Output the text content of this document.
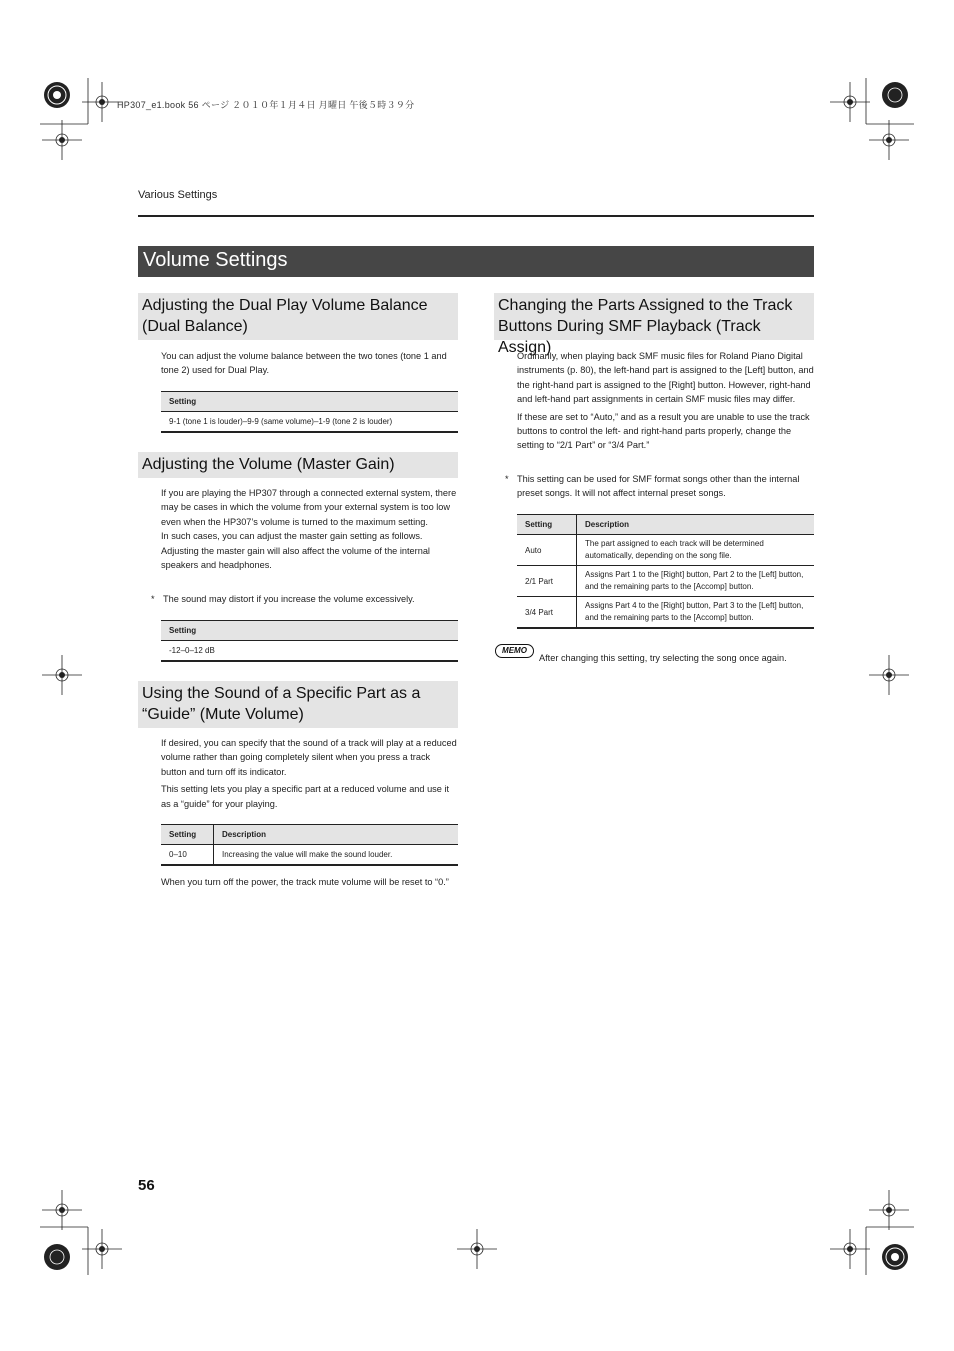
HP307_e1.book 56 ページ ２０１０年１月４日 月曜日 午後５時３９分
Various Settings
Volume Settings
Adjusting the Dual Play Volume Balance (Dual Balance)

You can adjust the volume balance between the two tones (tone 1 and tone 2) used for Dual Play.

Setting
9-1 (tone 1 is louder)–9-9 (same volume)–1-9 (tone 2 is louder)
Adjusting the Volume (Master Gain)

If you are playing the HP307 through a connected external system, there may be cases in which the volume from your external system is too low even when the HP307’s volume is turned to the maximum setting.

In such cases, you can adjust the master gain setting as follows. Adjusting the master gain will also affect the volume of the internal speakers and headphones.

* The sound may distort if you increase the volume excessively.
Setting
-12–0–12 dB
Using the Sound of a Specific Part as a “Guide” (Mute Volume)

If desired, you can specify that the sound of a track will play at a reduced volume rather than going completely silent when you press a track button and turn off its indicator.

This setting lets you play a specific part at a reduced volume and use it as a “guide” for your playing.

Setting	Description
0–10	Increasing the value will make the sound louder.

When you turn off the power, the track mute volume will be reset to “0.”

Changing the Parts Assigned to the Track Buttons During SMF Playback (Track Assign)

Ordinarily, when playing back SMF music files for Roland Piano Digital instruments (p. 80), the left-hand part is assigned to the [Left] button, and the right-hand part is assigned to the [Right] button. However, right-hand and left-hand part assignments in certain SMF music files may differ.

If these are set to “Auto,” and as a result you are unable to use the track buttons to control the left- and right-hand parts properly, change the setting to “2/1 Part” or “3/4 Part.”

* This setting can be used for SMF format songs other than the internal preset songs. It will not affect internal preset songs.
Setting	Description
Auto	The part assigned to each track will be determined automatically, depending on the song file.
2/1 Part	Assigns Part 1 to the [Right] button, Part 2 to the [Left] button, and the remaining parts to the [Accomp] button.
3/4 Part	Assigns Part 4 to the [Right] button, Part 3 to the [Left] button, and the remaining parts to the [Accomp] button.
MEMO
After changing this setting, try selecting the song once again.
56
